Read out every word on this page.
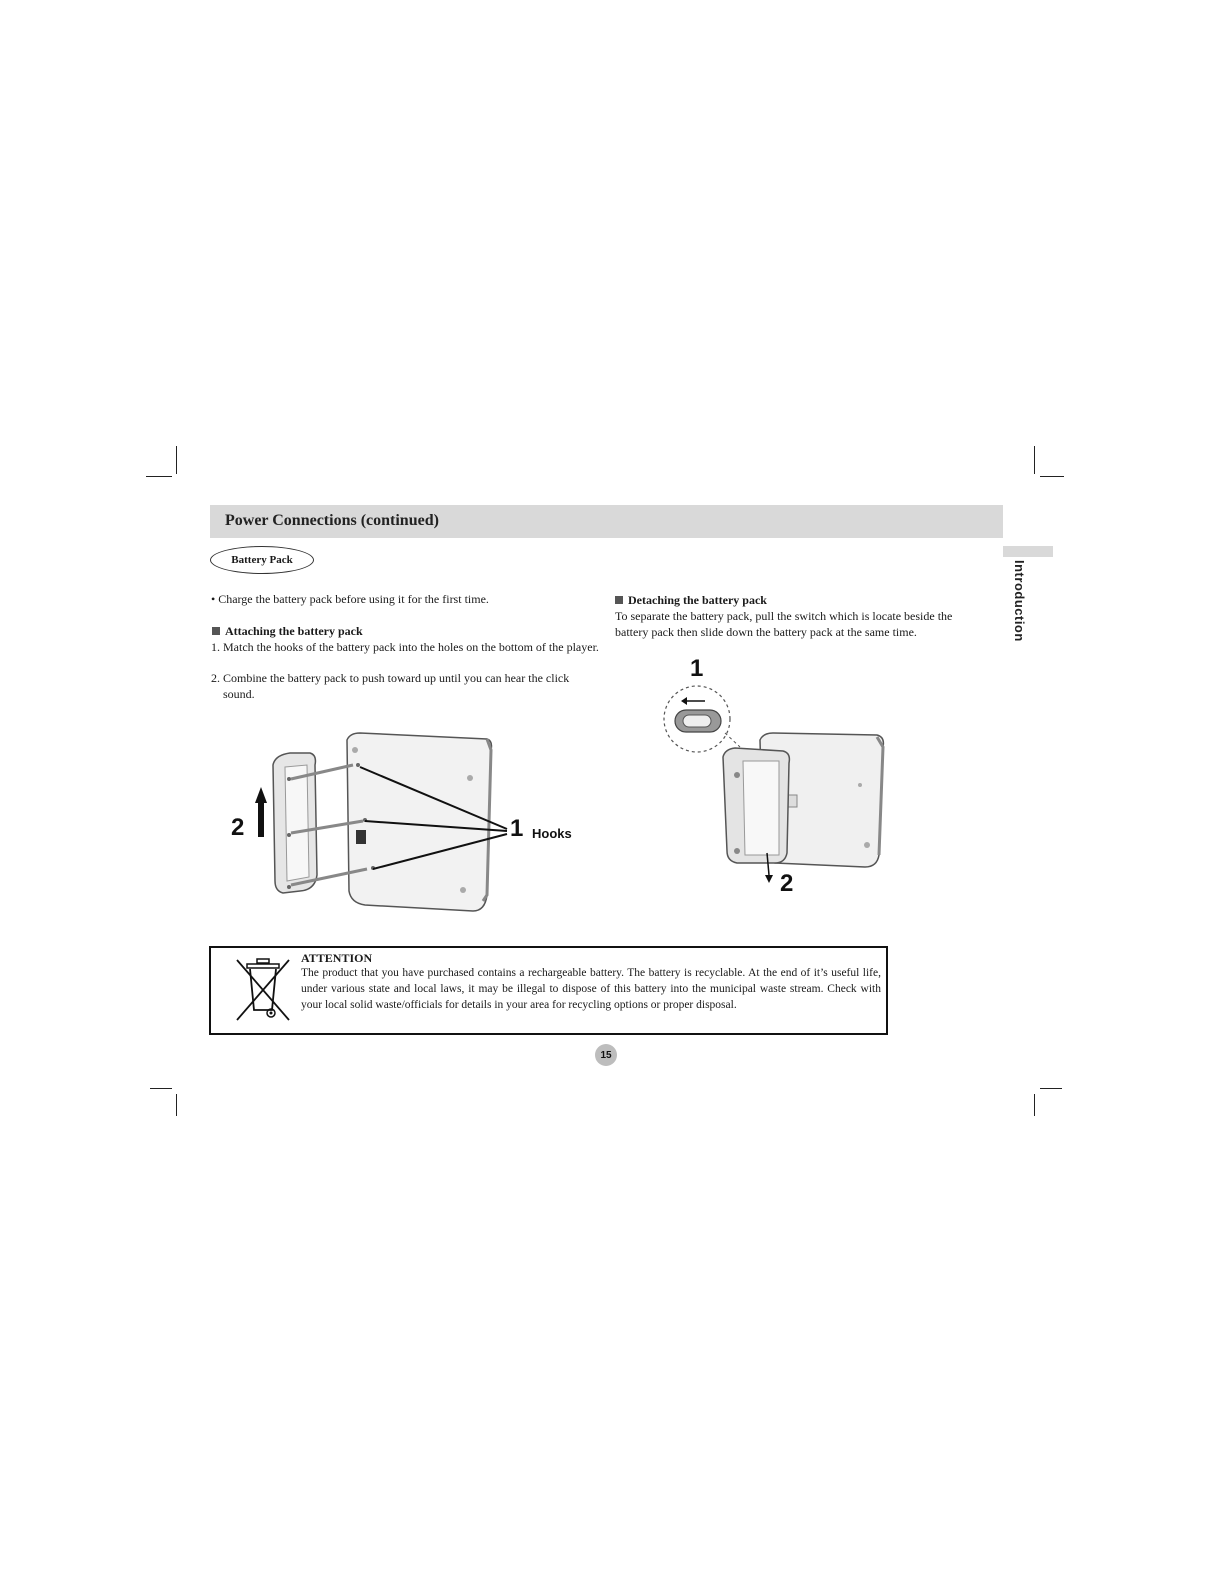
Power Connections (continued)
Introduction
Battery Pack
• Charge the battery pack before using it for the first time.
Attaching the battery pack
1. Match the hooks of the battery pack into the holes on the bottom of the player.
2. Combine the battery pack to push toward up until you can hear the click sound.
Detaching the battery pack
To separate the battery pack, pull the switch which is locate beside the battery pack then slide down the battery pack at the same time.
2	1 Hooks
1
2
ATTENTION
The product that you have purchased contains a rechargeable battery. The battery is recyclable. At the end of it’s useful life, under various state and local laws, it may be illegal to dispose of this battery into the municipal waste stream. Check with your local solid waste/officials for details in your area for recycling options or proper disposal.
15
